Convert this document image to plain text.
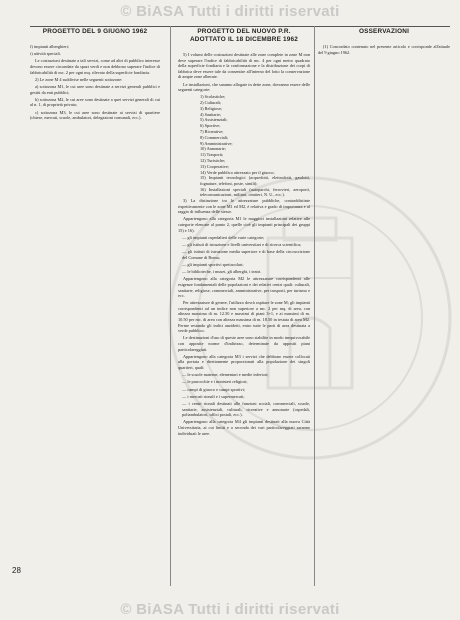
© BiASA Tutti i diritti riservati
© BiASA Tutti i diritti riservati
PROGETTO DEL 9 GIUGNO 1962

f) impianti alberghieri;

i) attività speciali.

Le costruzioni destinate a tali servizi, come ad altri di pubblico interesse devono essere circondate da spazi verdi e non debbono superare l'indice di fabbricabilità di mc. 2 per ogni mq. rilevato della superficie fondiaria.

2) Le zone M 4 suddivise nelle seguenti sottozone:

a) sottozona M1, le cui aree sono destinate a servizi generali pubblici e gestiti da enti pubblici;

b) sottozona M2, le cui aree sono destinate a quei servizi generali di cui al n. 1, di proprietà privata;

c) sottozona M3, le cui aree sono destinate ai servizi di quartiere (chiese, mercati, scuole, ambulatori, delegazioni comunali, ecc.).

PROGETTO DEL NUOVO P.R.
ADOTTATO IL 18 DICEMBRE 1962

5) I volumi delle costruzioni destinate alle zone complete in zone M non deve superare l'indice di fabbricabilità di mc. 4 per ogni metro quadrato della superficie fondiaria e la conformazione e la distribuzione dei corpi di fabbrica deve essere tale da consentire all'interno del lotto la conservazione di ampie zone alberate.

Le installazioni, che saranno allogate in dette zone, dovranno essere delle seguenti categorie:

1) Scolastiche;

2) Culturali;

3) Religiose;

4) Sanitarie;

5) Assistenziali;

6) Sportive;

7) Ricreative;

8) Commerciali;

9) Amministrative;

10) Annonarie;

11) Trasporti;

12) Turistiche;

13) Cooperative;

14) Verde pubblico attrezzato per il giuoco;

15) Impianti tecnologici (acquedotti, elettrodotti, gasdotti, fognature, telefoni, poste, simili);

16) Installazioni speciali (autoparchi, ferrovieri, aeroporti, telecomunicazioni, militari, cimiteri, N. U., ecc.).

3) La distinzione tra le attrezzature pubbliche, contraddistinte rispettivamente con le zone M1 ed M2, è relativa e grado di importanza e al raggio di influenza delle stesse.

Appartengono alla categoria M1 le maggiori installazioni relative alle categorie elencate al punto 2, quelle cioè gli impianti principali dei gruppi 15) e 16).

— gli impianti ospedalieri delle varie categorie;

— gli istituti di istruzione e livelli universitari e di ricerca scientifica;

— gli istituti di istruzione media superiore e di base della circoscrizione del Comune di Roma;

— gli impianti sportivi spettacolari;

— le biblioteche, i musei, gli alberghi, i teatri.

Appartengono alla categoria M2 le attrezzature corrispondenti alle esigenze fondamentali delle popolazioni e dei relativi centri quali: culturali, sanitarie, religiose, commerciali, amministrative, per trasporti, per turismo e ecc.

Per attrezzature di genere, l'utilizzo dovrà ospitare le zone M; gli impianti corrispondenti ad un indice non superiore a mc. 2 per mq. di area, con altezza massima di m. 12.50 e massimi di piani 3+1, e ai massimi di m. 10.50 per mc. di area con altezza massima di m. 18.50 in testata di area M2. Ferme restando gli indici anzidetti, entro tutte le parti di area destinata a verde pubblico.

Le destinazioni d'uso di queste aree sono stabilite in modo inequivocabile con apposite norme d'indirizzo, determinate da appositi piani particolareggiati.

Appartengono alla categoria M3 i servizi che debbono essere collocati alla portata e direttamente proporzionati alla popolazione dei singoli quartieri, quali:

— le scuole materne, elementari e medie inferiori;

— le parrocchie e i ministeri religiosi;

— campi di giuoco e campi sportivi;

— i mercati rionali e i supermercati;

— i centri rionali destinati alle funzioni sociali, commerciali, scuole, sanitarie, assistenziali, culturali, ricreative e annonarie (ospedali, poliambulatori, uffici postali, ecc.).

Appartengono alla categoria M4 gli impianti destinati alla nuova Città Universitaria, ai cui limiti e a seconda dei vari particolareggiati saranno individuati le aree.

OSSERVAZIONI
(1) Concordato contenuto nel presente articolo e corrisponde all'attuale del 9 giugno 1962.
28
